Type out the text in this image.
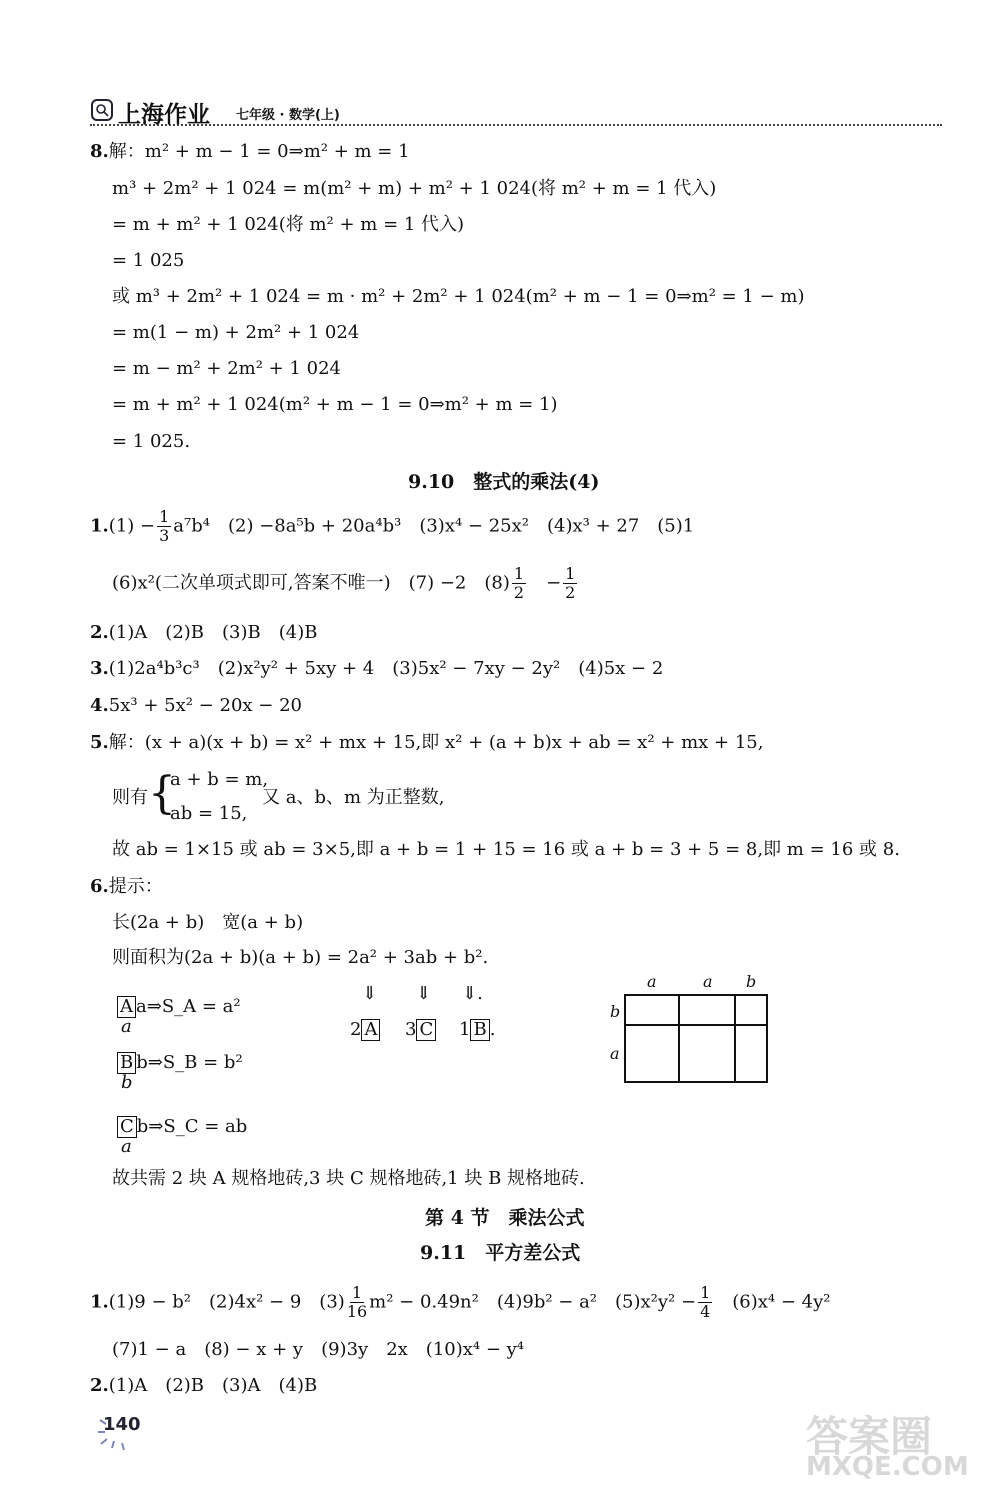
上海作业 七年级 · 数学(上)
8.解：m² + m − 1 = 0⇒m² + m = 1
m³ + 2m² + 1 024 = m(m² + m) + m² + 1 024(将 m² + m = 1 代入)
= m + m² + 1 024(将 m² + m = 1 代入)
= 1 025
或 m³ + 2m² + 1 024 = m · m² + 2m² + 1 024(m² + m − 1 = 0⇒m² = 1 − m)
= m(1 − m) + 2m² + 1 024
= m − m² + 2m² + 1 024
= m + m² + 1 024(m² + m − 1 = 0⇒m² + m = 1)
= 1 025.
9.10　整式的乘法(4)
$1.(1) - \frac{1}{3} a^7b^4$　(2) −8a⁵b + 20a⁴b³　(3)x⁴ − 25x²　(4)x³ + 27　(5)1
(6)x²(二次单项式即可,答案不唯一)　(7) −2　$(8) \frac{1}{2}$
　 − $\frac{1}{2}$
2.(1)A　(2)B　(3)B　(4)B
3.(1)2a⁴b³c³　(2)x²y² + 5xy + 4　(3)5x² − 7xy − 2y²　(4)5x − 2
4.5x³ + 5x² − 20x − 20
5.解：(x + a)(x + b) = x² + mx + 15,即 x² + (a + b)x + ab = x² + mx + 15,
则有 {
a + b = m,
ab = 15,
又 a、b、m 为正整数,
故 ab = 1×15 或 ab = 3×5,即 a + b = 1 + 15 = 16 或 a + b = 3 + 5 = 8,即 m = 16 或 8.
6.提示：
长(2a + b)　宽(a + b)
则面积为(2a + b)(a + b) = 2a² + 3ab + b².
A a⇒S_A = a²
a
B b⇒S_B = b²
b
C b⇒S_C = ab
a
⇓ ⇓ ⇓.
2 A 3 C 1 B .
a	a b
b
a
故共需 2 块 A 规格地砖,3 块 C 规格地砖,1 块 B 规格地砖.
第 4 节　乘法公式
9.11　平方差公式
1.(1)9 − b²　(2)4x² − 9　$(3) \frac{1}{16} m^2 - 0.49n^2$　(4)9b² − a²　$(5)x^2y^2 - \frac{1}{4}$
　 (6)x⁴ − 4y²
(7)1 − a　(8) − x + y　(9)3y　2x　(10)x⁴ − y⁴
2.(1)A　(2)B　(3)A　(4)B
140	答案圈
MXQE.COM
